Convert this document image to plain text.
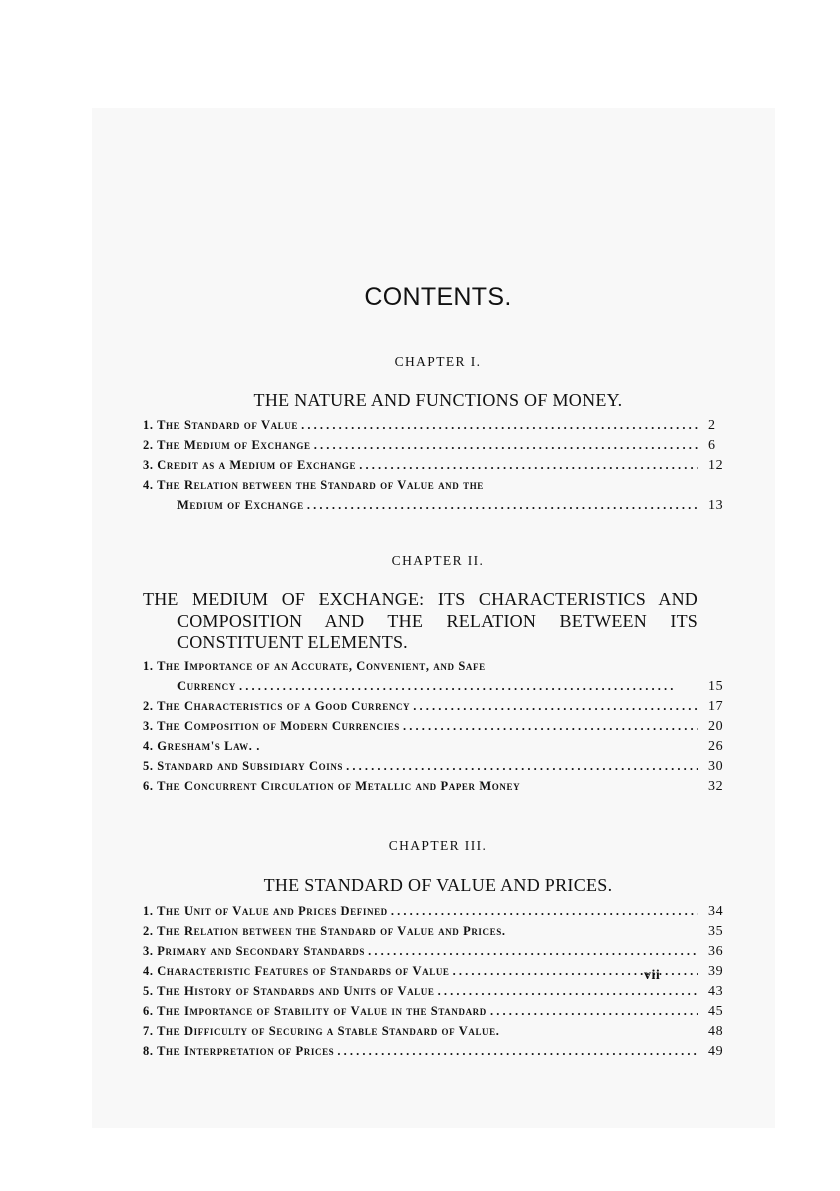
CONTENTS.
CHAPTER I.
THE NATURE AND FUNCTIONS OF MONEY.
1. The Standard of Value . . .	2
2. The Medium of Exchange . . .	6
3. Credit as a Medium of Exchange . . .	12
4. The Relation between the Standard of Value and the
Medium of Exchange . . .	13
CHAPTER II.
THE MEDIUM OF EXCHANGE: ITS CHARACTERISTICS AND
COMPOSITION AND THE RELATION BETWEEN ITS
CONSTITUENT ELEMENTS.
1. The Importance of an Accurate, Convenient, and Safe
Currency . . .	15
2. The Characteristics of a Good Currency . . .	17
3. The Composition of Modern Currencies . . .	20
4. Gresham's Law. .	26
5. Standard and Subsidiary Coins . . .	30
6. The Concurrent Circulation of Metallic and Paper Money	32
CHAPTER III.
THE STANDARD OF VALUE AND PRICES.
1. The Unit of Value and Prices Defined . . .	34
2. The Relation between the Standard of Value and Prices.	35
3. Primary and Secondary Standards . . .	36
4. Characteristic Features of Standards of Value . . .	39
5. The History of Standards and Units of Value . . .	43
6. The Importance of Stability of Value in the Standard . . .	45
7. The Difficulty of Securing a Stable Standard of Value.	48
8. The Interpretation of Prices . . .	49
vii
